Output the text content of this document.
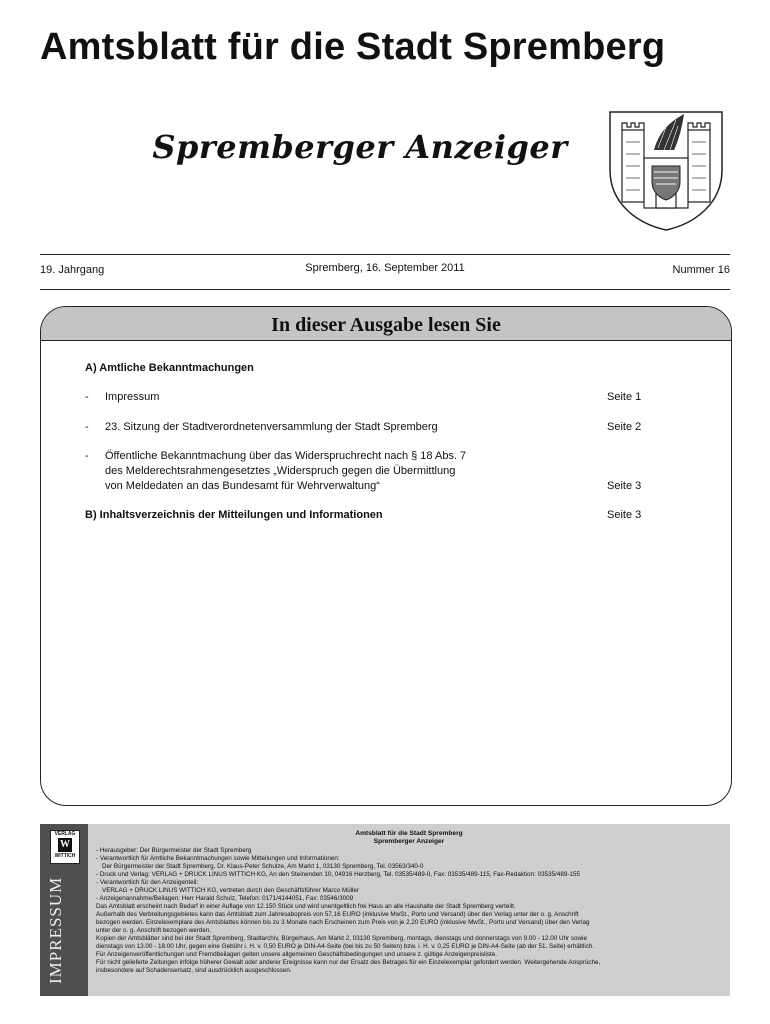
Amtsblatt für die Stadt Spremberg
Spremberger Anzeiger
19. Jahrgang	Spremberg, 16. September 2011	Nummer 16
In dieser Ausgabe lesen Sie
A) Amtliche Bekanntmachungen
- Impressum	Seite 1
- 23. Sitzung der Stadtverordnetenversammlung der Stadt Spremberg	Seite 2
- Öffentliche Bekanntmachung über das Widerspruchrecht nach § 18 Abs. 7
des Melderechtsrahmengesetztes „Widerspruch gegen die Übermittlung
von Meldedaten an das Bundesamt für Wehrverwaltung“	Seite 3
B) Inhaltsverzeichnis der Mitteilungen und Informationen	Seite 3
VERLAG
W
WITTICH
IMPRESSUM
Amtsblatt für die Stadt Spremberg
Spremberger Anzeiger
- Herausgeber: Der Bürgermeister der Stadt Spremberg
- Verantwortlich für Amtliche Bekanntmachungen sowie Mitteilungen und Informationen:
Der Bürgermeister der Stadt Spremberg, Dr. Klaus-Peter Schulze, Am Markt 1, 03130 Spremberg, Tel. 03563/340-0
- Druck und Verlag: VERLAG + DRUCK LINUS WITTICH KG, An den Steinenden 10, 04916 Herzberg, Tel. 03535/489-0, Fax: 03535/489-115, Fax-Redaktion: 03535/489-155
- Verantwortlich für den Anzeigenteil:
VERLAG + DRUCK LINUS WITTICH KG, vertreten durch den Geschäftsführer Marco Müller
- Anzeigenannahme/Beilagen: Herr Harald Schulz, Telefon: 0171/4144051, Fax: 03546/3009
Das Amtsblatt erscheint nach Bedarf in einer Auflage von 12.150 Stück und wird unentgeltlich frei Haus an alle Haushalte der Stadt Spremberg verteilt.
Außerhalb des Verbreitungsgebietes kann das Amtsblatt zum Jahresabopreis von 57,16 EURO (inklusive MwSt., Porto und Versand) über den Verlag unter der o. g. Anschrift
bezogen werden. Einzelexemplare des Amtsblattes können bis zu 3 Monate nach Erscheinen zum Preis von je 2,20 EURO (inklusive MwSt., Porto und Versand) über den Verlag
unter der o. g. Anschrift bezogen werden.
Kopien der Amtsblätter sind bei der Stadt Spremberg, Stadtarchiv, Bürgerhaus, Am Markt 2, 03130 Spremberg, montags, dienstags und donnerstags von 9.00 - 12.00 Uhr sowie
dienstags von 13.00 - 18.00 Uhr, gegen eine Gebühr i. H. v. 0,50 EURO je DIN-A4-Seite (bei bis zu 50 Seiten) bzw. i. H. v. 0,25 EURO je DIN-A4-Seite (ab der 51. Seite) erhältlich.
Für Anzeigenveröffentlichungen und Fremdbeilagen gelten unsere allgemeinen Geschäftsbedingungen und unsere z. gültige Anzeigenpreisliste.
Für nicht gelieferte Zeitungen infolge höherer Gewalt oder anderer Ereignisse kann nur der Ersatz des Betrages für ein Einzelexemplar gefordert werden. Weitergehende Ansprüche,
insbesondere auf Schadensersatz, sind ausdrücklich ausgeschlossen.
